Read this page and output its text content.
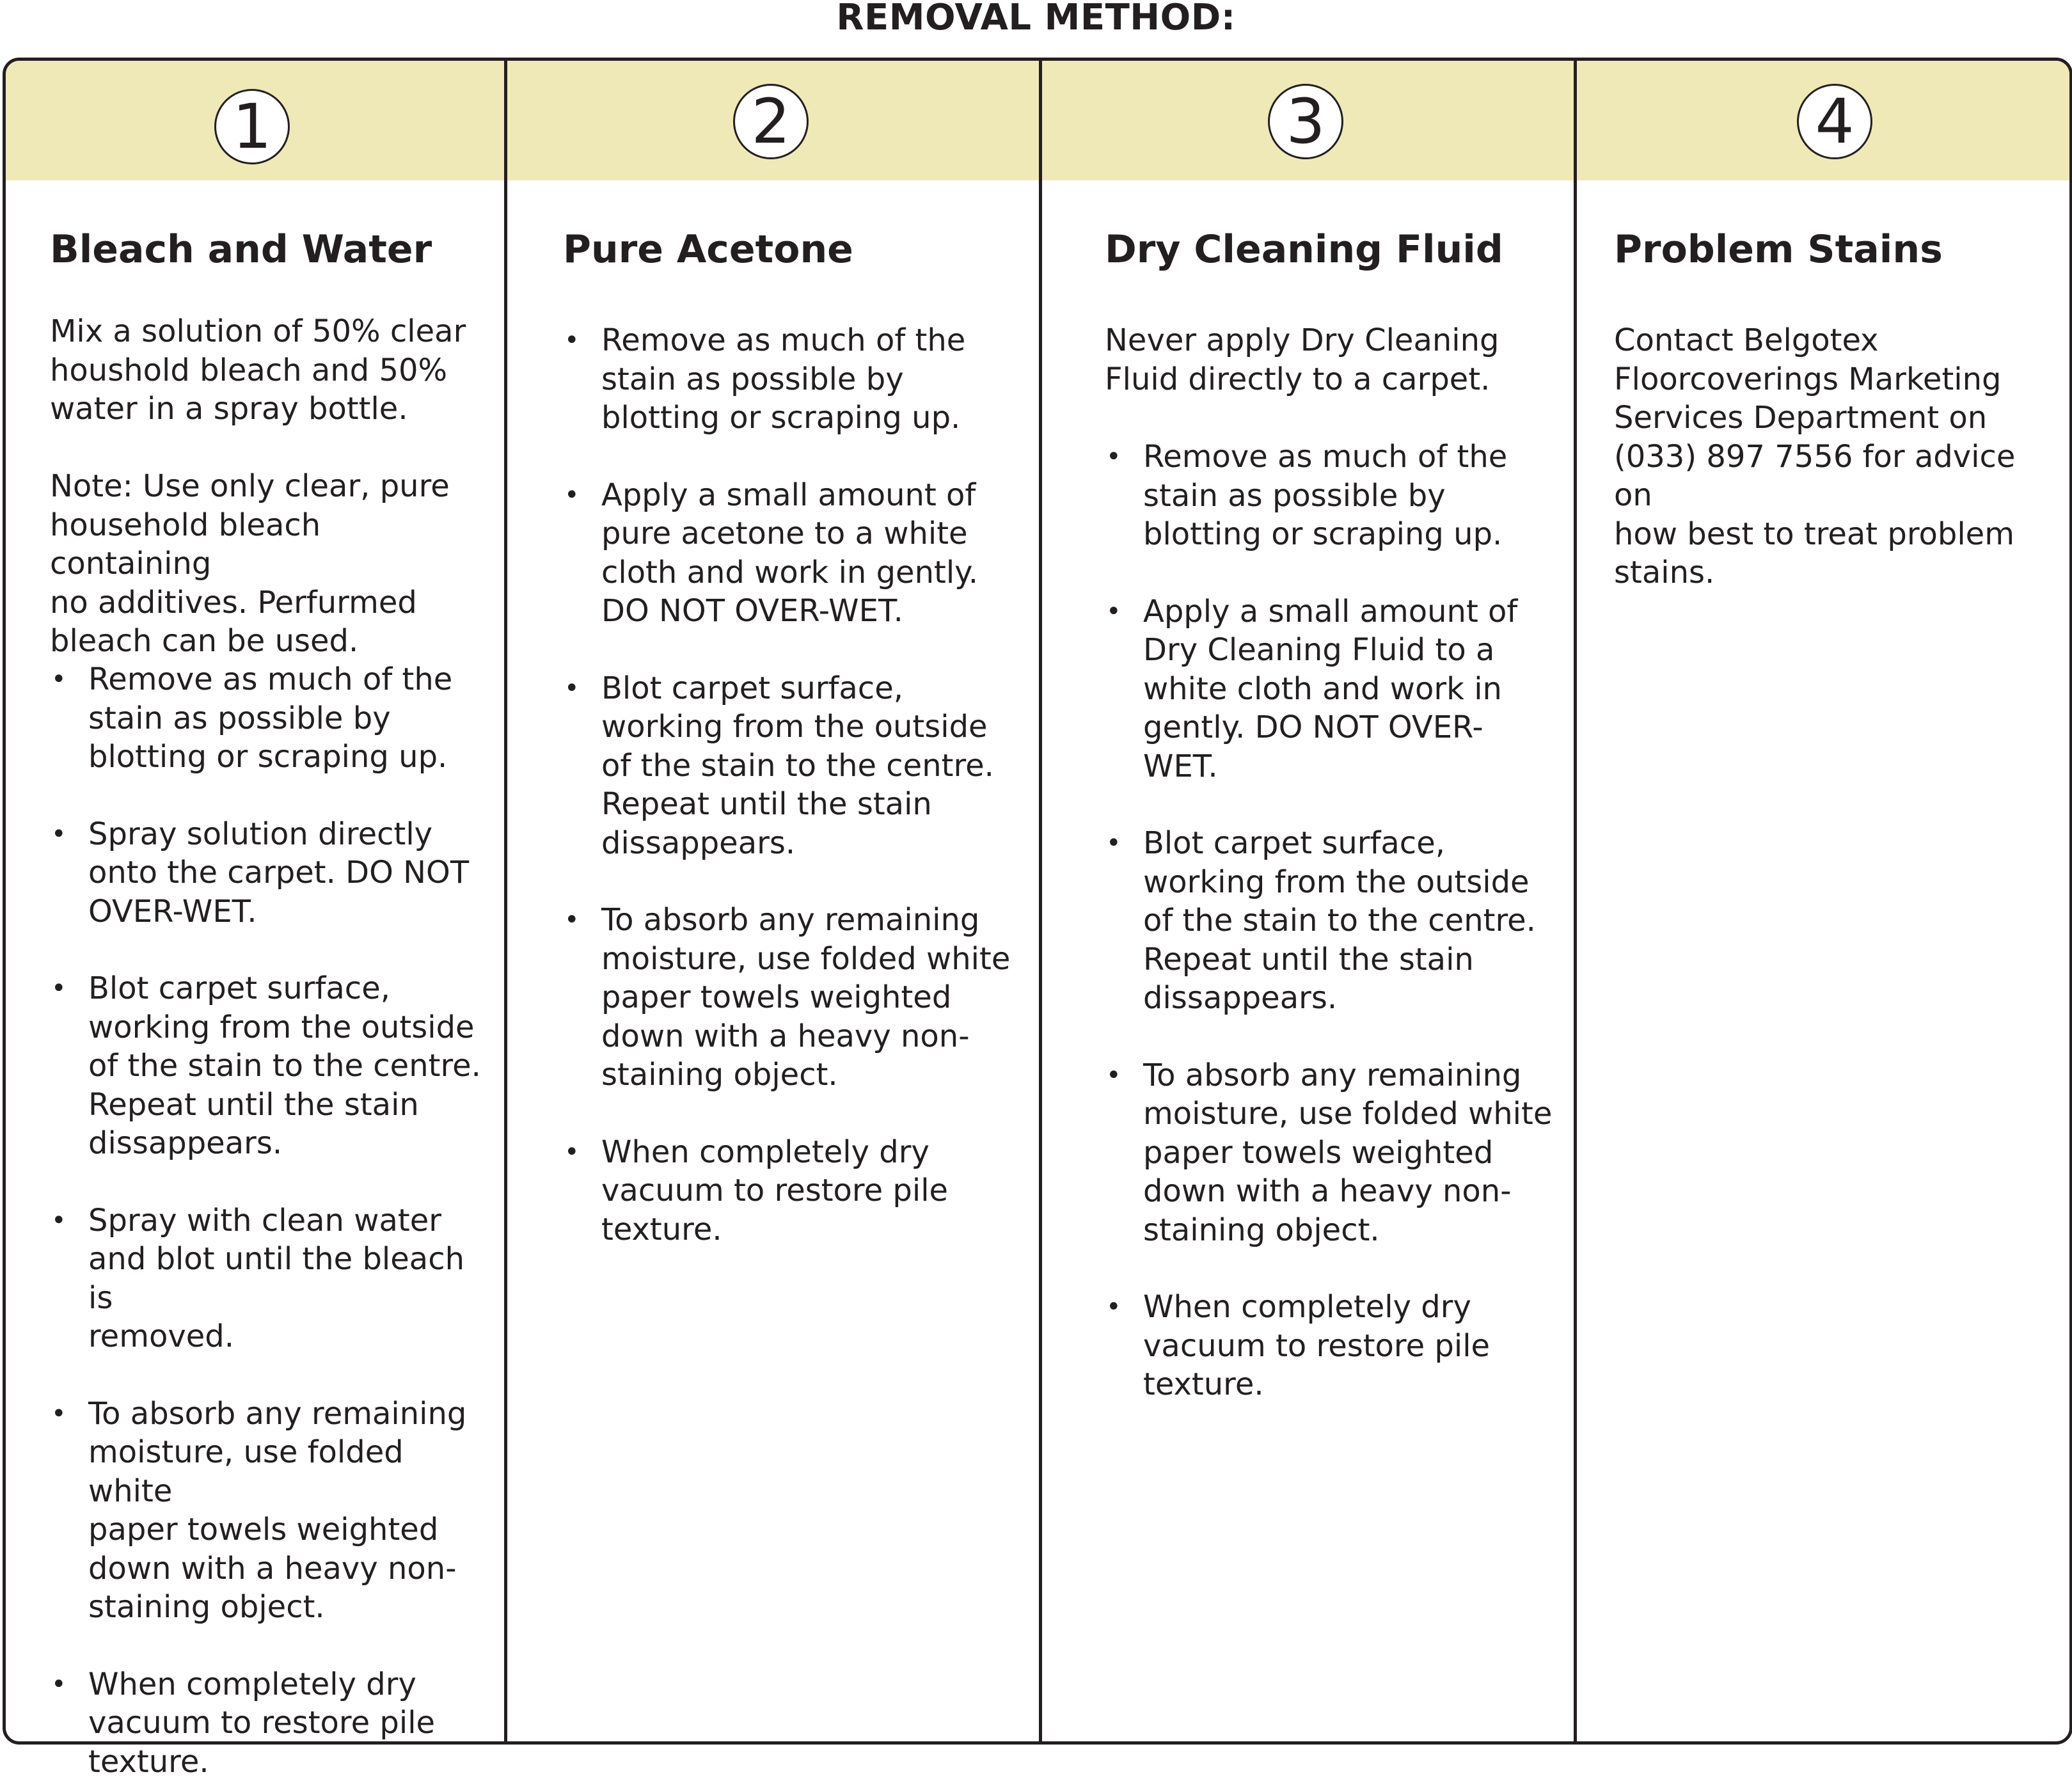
REMOVAL METHOD:
1	2	3	4
Bleach and Water

Mix a solution of 50% clear
houshold bleach and 50%
water in a spray bottle.

Note: Use only clear, pure
household bleach containing
no additives. Perfurmed
bleach can be used.

• Remove as much of the
stain as possible by
blotting or scraping up.
• Spray solution directly
onto the carpet. DO NOT
OVER-WET.
• Blot carpet surface,
working from the outside
of the stain to the centre.
Repeat until the stain
dissappears.
• Spray with clean water
and blot until the bleach is
removed.
• To absorb any remaining
moisture, use folded white
paper towels weighted
down with a heavy non-
staining object.
• When completely dry
vacuum to restore pile
texture.
Pure Acetone
• Remove as much of the
stain as possible by
blotting or scraping up.
• Apply a small amount of
pure acetone to a white
cloth and work in gently.
DO NOT OVER-WET.
• Blot carpet surface,
working from the outside
of the stain to the centre.
Repeat until the stain
dissappears.
• To absorb any remaining
moisture, use folded white
paper towels weighted
down with a heavy non-
staining object.
• When completely dry
vacuum to restore pile
texture.
Dry Cleaning Fluid

Never apply Dry Cleaning
Fluid directly to a carpet.

• Remove as much of the
stain as possible by
blotting or scraping up.
• Apply a small amount of
Dry Cleaning Fluid to a
white cloth and work in
gently. DO NOT OVER-
WET.
• Blot carpet surface,
working from the outside
of the stain to the centre.
Repeat until the stain
dissappears.
• To absorb any remaining
moisture, use folded white
paper towels weighted
down with a heavy non-
staining object.
• When completely dry
vacuum to restore pile
texture.
Problem Stains

Contact Belgotex
Floorcoverings Marketing
Services Department on
(033) 897 7556 for advice on
how best to treat problem
stains.
